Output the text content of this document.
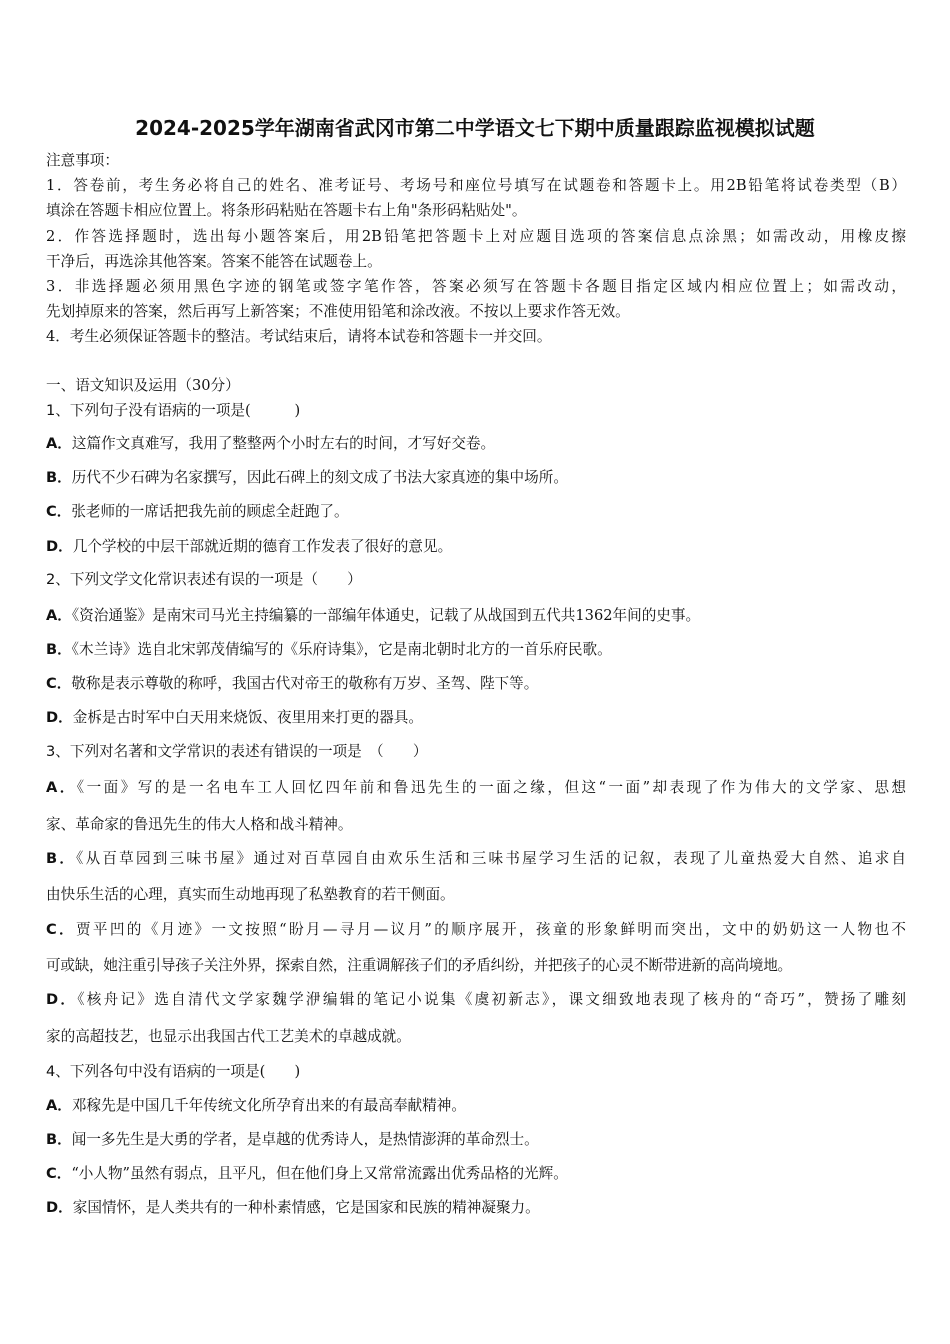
2024-2025学年湖南省武冈市第二中学语文七下期中质量跟踪监视模拟试题
注意事项：
1．答卷前，考生务必将自己的姓名、准考证号、考场号和座位号填写在试题卷和答题卡上。用2B铅笔将试卷类型（B）
填涂在答题卡相应位置上。将条形码粘贴在答题卡右上角"条形码粘贴处"。
2．作答选择题时，选出每小题答案后，用2B铅笔把答题卡上对应题目选项的答案信息点涂黑；如需改动，用橡皮擦
干净后，再选涂其他答案。答案不能答在试题卷上。
3．非选择题必须用黑色字迹的钢笔或签字笔作答，答案必须写在答题卡各题目指定区域内相应位置上；如需改动，
先划掉原来的答案，然后再写上新答案；不准使用铅笔和涂改液。不按以上要求作答无效。
4．考生必须保证答题卡的整洁。考试结束后，请将本试卷和答题卡一并交回。
一、语文知识及运用（30分）
1、下列句子没有语病的一项是(　　　)
A．这篇作文真难写，我用了整整两个小时左右的时间，才写好交卷。
B．历代不少石碑为名家撰写，因此石碑上的刻文成了书法大家真迹的集中场所。
C．张老师的一席话把我先前的顾虑全赶跑了。
D．几个学校的中层干部就近期的德育工作发表了很好的意见。
2、下列文学文化常识表述有误的一项是（　　）
A．《资治通鉴》是南宋司马光主持编纂的一部编年体通史，记载了从战国到五代共1362年间的史事。
B．《木兰诗》选自北宋郭茂倩编写的《乐府诗集》，它是南北朝时北方的一首乐府民歌。
C．敬称是表示尊敬的称呼，我国古代对帝王的敬称有万岁、圣驾、陛下等。
D．金柝是古时军中白天用来烧饭、夜里用来打更的器具。
3、下列对名著和文学常识的表述有错误的一项是　（　　）
A．《一面》写的是一名电车工人回忆四年前和鲁迅先生的一面之缘，但这“一面”却表现了作为伟大的文学家、思想
家、革命家的鲁迅先生的伟大人格和战斗精神。
B．《从百草园到三味书屋》通过对百草园自由欢乐生活和三味书屋学习生活的记叙，表现了儿童热爱大自然、追求自
由快乐生活的心理，真实而生动地再现了私塾教育的若干侧面。
C．贾平凹的《月迹》一文按照“盼月—寻月—议月”的顺序展开，孩童的形象鲜明而突出，文中的奶奶这一人物也不
可或缺，她注重引导孩子关注外界，探索自然，注重调解孩子们的矛盾纠纷，并把孩子的心灵不断带进新的高尚境地。
D．《核舟记》选自清代文学家魏学洢编辑的笔记小说集《虞初新志》，课文细致地表现了核舟的“奇巧”，赞扬了雕刻
家的高超技艺，也显示出我国古代工艺美术的卓越成就。
4、下列各句中没有语病的一项是(　　)
A．邓稼先是中国几千年传统文化所孕育出来的有最高奉献精神。
B．闻一多先生是大勇的学者，是卓越的优秀诗人，是热情澎湃的革命烈士。
C．“小人物”虽然有弱点，且平凡，但在他们身上又常常流露出优秀品格的光辉。
D．家国情怀，是人类共有的一种朴素情感，它是国家和民族的精神凝聚力。
